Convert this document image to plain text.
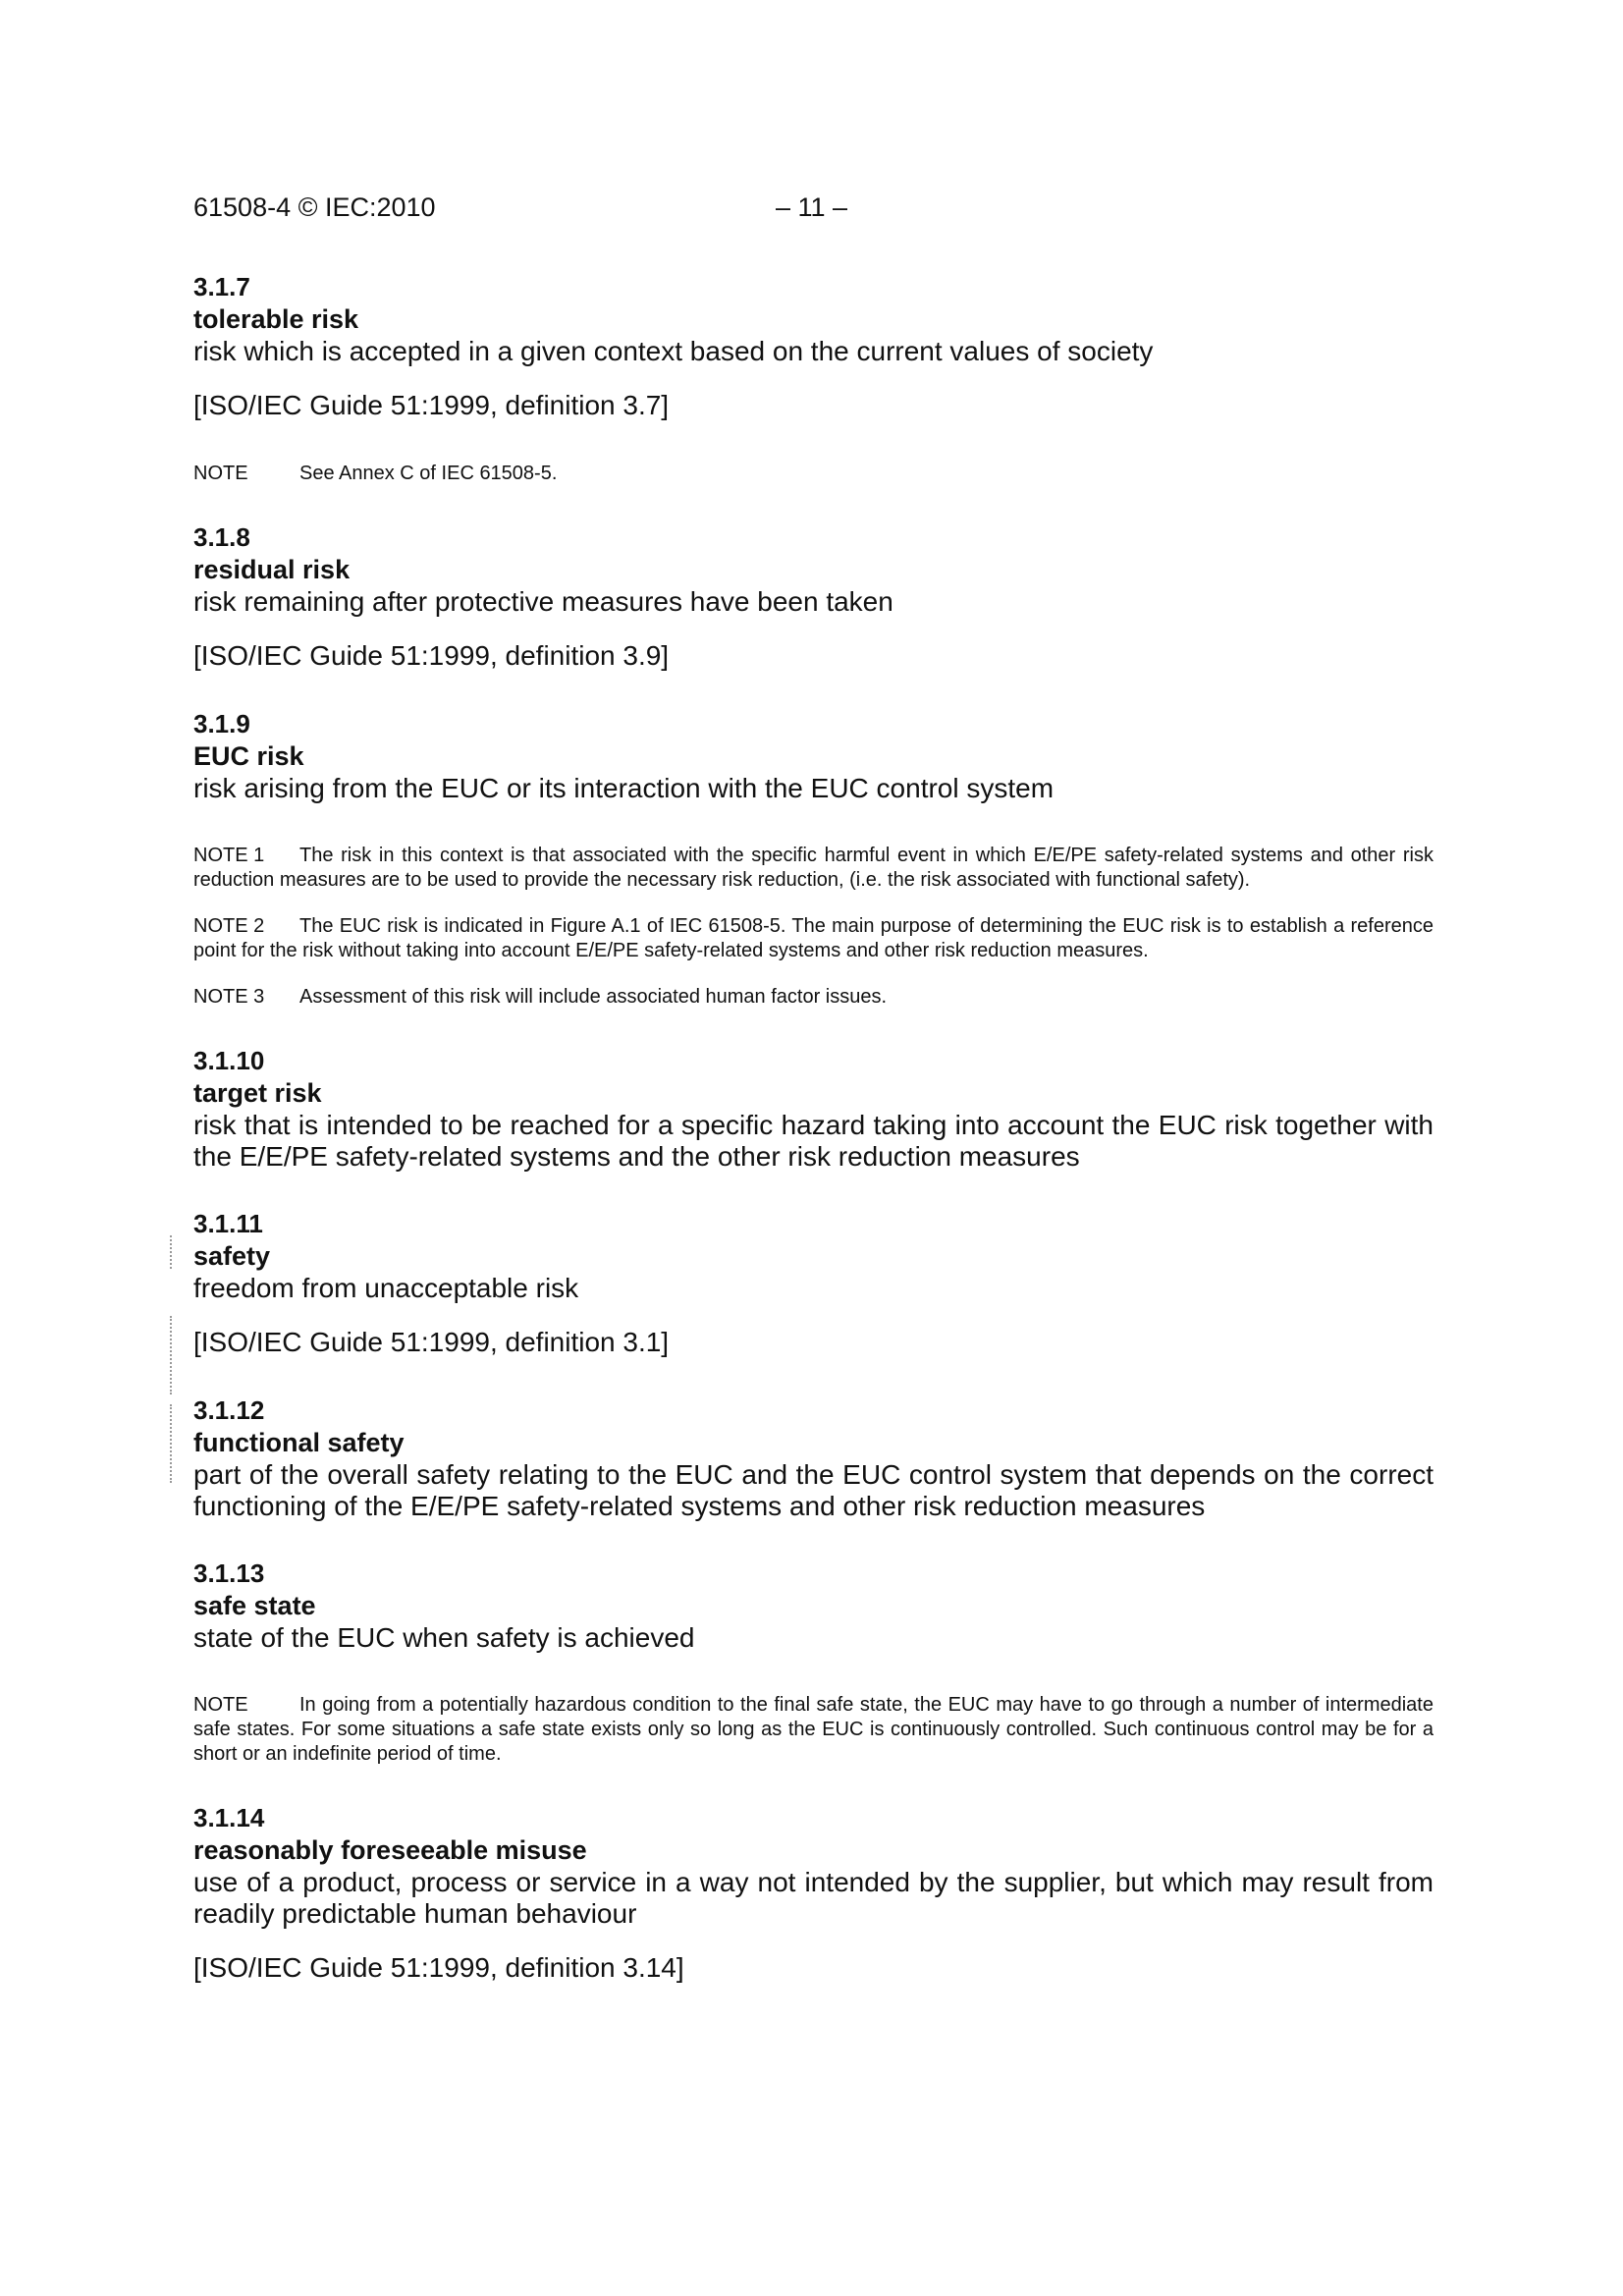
61508-4 © IEC:2010	– 11 –
3.1.7
tolerable risk
risk which is accepted in a given context based on the current values of society
[ISO/IEC Guide 51:1999, definition 3.7]
NOTE	See Annex C of IEC 61508-5.
3.1.8
residual risk
risk remaining after protective measures have been taken
[ISO/IEC Guide 51:1999, definition 3.9]
3.1.9
EUC risk
risk arising from the EUC or its interaction with the EUC control system
NOTE 1 The risk in this context is that associated with the specific harmful event in which E/E/PE safety-related systems and other risk reduction measures are to be used to provide the necessary risk reduction, (i.e. the risk associated with functional safety).
NOTE 2 The EUC risk is indicated in Figure A.1 of IEC 61508-5. The main purpose of determining the EUC risk is to establish a reference point for the risk without taking into account E/E/PE safety-related systems and other risk reduction measures.
NOTE 3 Assessment of this risk will include associated human factor issues.
3.1.10
target risk
risk that is intended to be reached for a specific hazard taking into account the EUC risk together with the E/E/PE safety-related systems and the other risk reduction measures
3.1.11
safety
freedom from unacceptable risk
[ISO/IEC Guide 51:1999, definition 3.1]
3.1.12
functional safety
part of the overall safety relating to the EUC and the EUC control system that depends on the correct functioning of the E/E/PE safety-related systems and other risk reduction measures
3.1.13
safe state
state of the EUC when safety is achieved
NOTE	In going from a potentially hazardous condition to the final safe state, the EUC may have to go through a number of intermediate safe states. For some situations a safe state exists only so long as the EUC is continuously controlled. Such continuous control may be for a short or an indefinite period of time.
3.1.14
reasonably foreseeable misuse
use of a product, process or service in a way not intended by the supplier, but which may result from readily predictable human behaviour
[ISO/IEC Guide 51:1999, definition 3.14]
